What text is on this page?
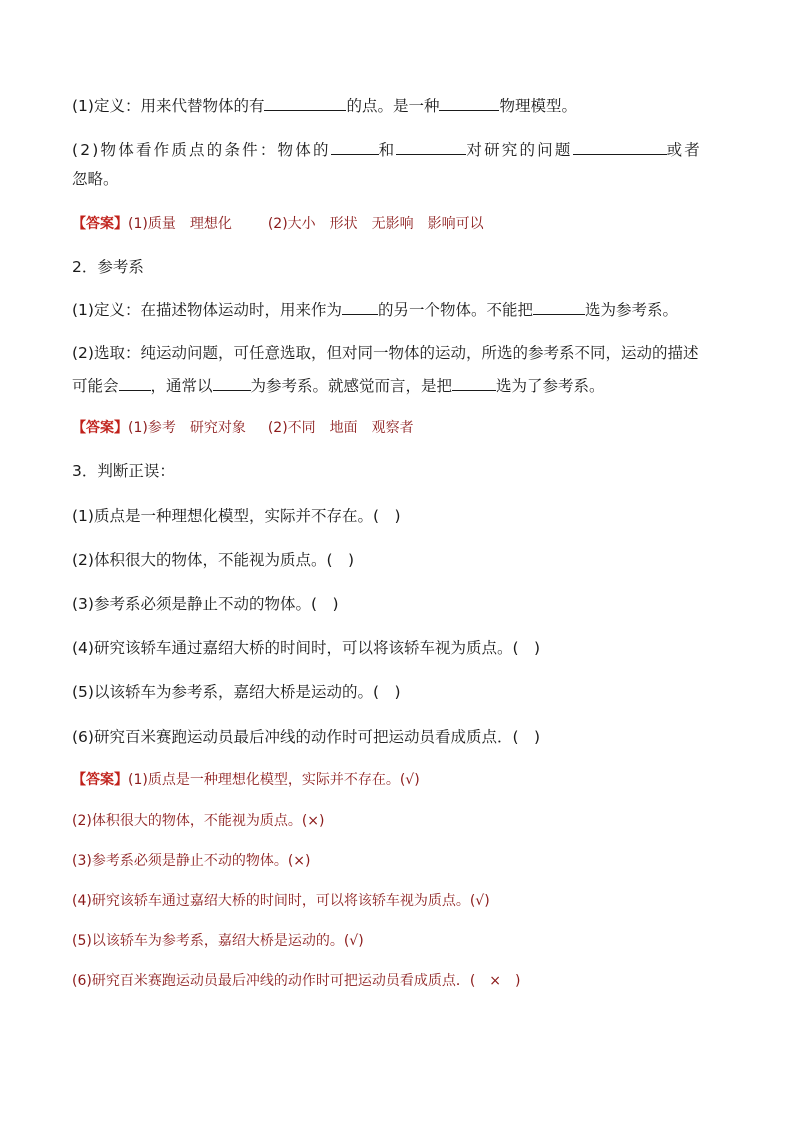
(1)定义：用来代替物体的有	的点。是一种	物理模型。
(2)物体看作质点的条件：物体的	和	对研究的问题	或者
忽略。
【答案】(1)质量　理想化	(2)大小　形状　无影响　影响可以
2．参考系
(1)定义：在描述物体运动时，用来作为 的另一个物体。不能把	选为参考系。
(2)选取：纯运动问题，可任意选取，但对同一物体的运动，所选的参考系不同，运动的描述
可能会 ，通常以 为参考系。就感觉而言，是把	选为了参考系。
【答案】(1)参考　研究对象 (2)不同　地面　观察者
3．判断正误：
(1)质点是一种理想化模型，实际并不存在。(　)
(2)体积很大的物体，不能视为质点。(　)
(3)参考系必须是静止不动的物体。(　)
(4)研究该轿车通过嘉绍大桥的时间时，可以将该轿车视为质点。(　)
(5)以该轿车为参考系，嘉绍大桥是运动的。(　)
(6)研究百米赛跑运动员最后冲线的动作时可把运动员看成质点．(　)
【答案】(1)质点是一种理想化模型，实际并不存在。(√)
(2)体积很大的物体，不能视为质点。(×)
(3)参考系必须是静止不动的物体。(×)
(4)研究该轿车通过嘉绍大桥的时间时，可以将该轿车视为质点。(√)
(5)以该轿车为参考系，嘉绍大桥是运动的。(√)
(6)研究百米赛跑运动员最后冲线的动作时可把运动员看成质点．(　×　)
